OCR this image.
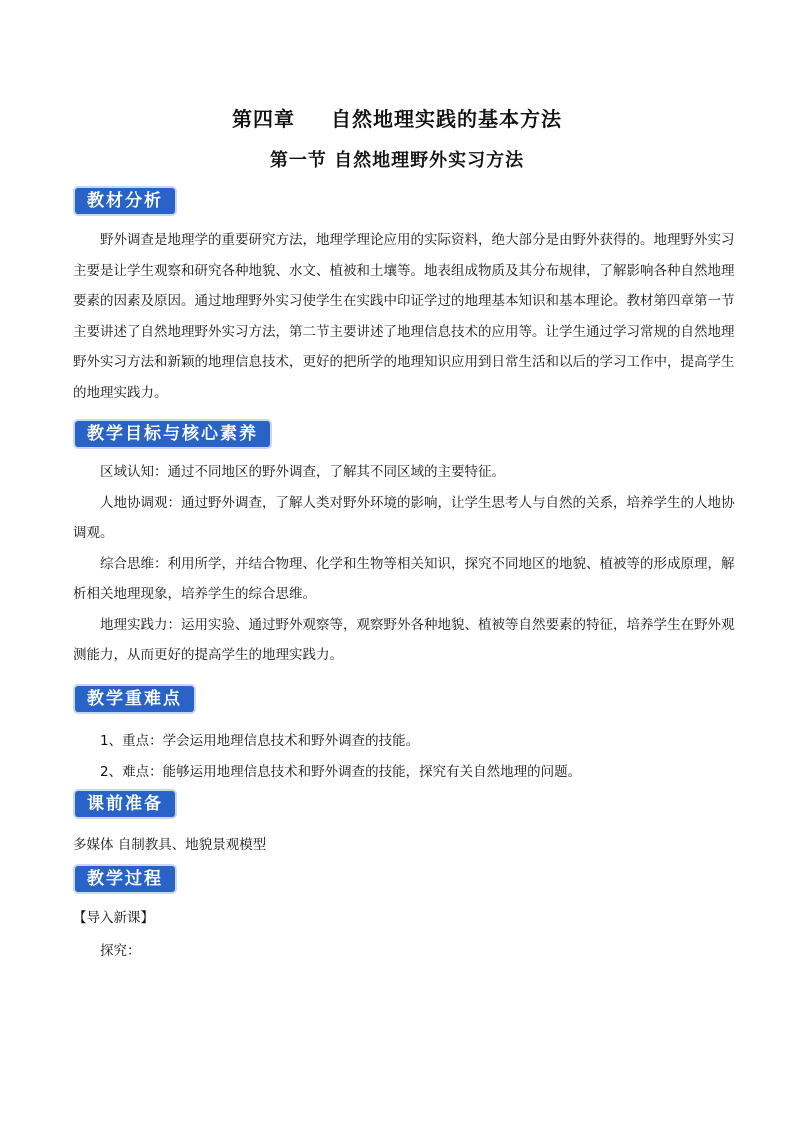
第四章 自然地理实践的基本方法
第一节 自然地理野外实习方法
教材分析

野外调查是地理学的重要研究方法，地理学理论应用的实际资料，绝大部分是由野外获得的。地理野外实习主要是让学生观察和研究各种地貌、水文、植被和土壤等。地表组成物质及其分布规律，了解影响各种自然地理要素的因素及原因。通过地理野外实习使学生在实践中印证学过的地理基本知识和基本理论。教材第四章第一节主要讲述了自然地理野外实习方法，第二节主要讲述了地理信息技术的应用等。让学生通过学习常规的自然地理野外实习方法和新颖的地理信息技术，更好的把所学的地理知识应用到日常生活和以后的学习工作中，提高学生的地理实践力。

教学目标与核心素养

区域认知：通过不同地区的野外调查，了解其不同区域的主要特征。

人地协调观：通过野外调查，了解人类对野外环境的影响，让学生思考人与自然的关系，培养学生的人地协调观。

综合思维：利用所学，并结合物理、化学和生物等相关知识，探究不同地区的地貌、植被等的形成原理，解析相关地理现象，培养学生的综合思维。

地理实践力：运用实验、通过野外观察等，观察野外各种地貌、植被等自然要素的特征，培养学生在野外观测能力，从而更好的提高学生的地理实践力。

教学重难点
1、重点：学会运用地理信息技术和野外调查的技能。
2、难点：能够运用地理信息技术和野外调查的技能，探究有关自然地理的问题。
课前准备
多媒体 自制教具、地貌景观模型
教学过程
【导入新课】
探究：
